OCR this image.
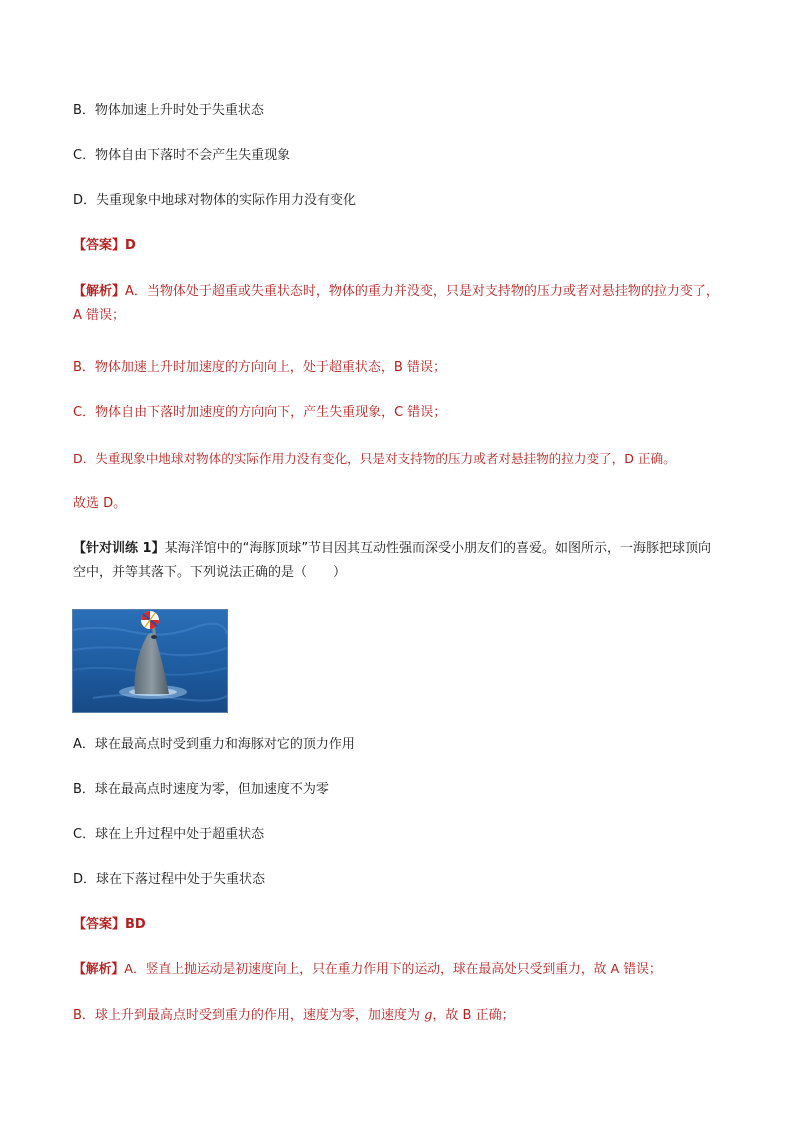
B．物体加速上升时处于失重状态
C．物体自由下落时不会产生失重现象
D．失重现象中地球对物体的实际作用力没有变化
【答案】D
【解析】A．当物体处于超重或失重状态时，物体的重力并没变，只是对支持物的压力或者对悬挂物的拉力变了，A 错误；
B．物体加速上升时加速度的方向向上，处于超重状态，B 错误；
C．物体自由下落时加速度的方向向下，产生失重现象，C 错误；
D．失重现象中地球对物体的实际作用力没有变化，只是对支持物的压力或者对悬挂物的拉力变了，D 正确。
故选 D。
【针对训练 1】某海洋馆中的“海豚顶球”节目因其互动性强而深受小朋友们的喜爱。如图所示，一海豚把球顶向空中，并等其落下。下列说法正确的是（　　）
A．球在最高点时受到重力和海豚对它的顶力作用
B．球在最高点时速度为零，但加速度不为零
C．球在上升过程中处于超重状态
D．球在下落过程中处于失重状态
【答案】BD
【解析】A．竖直上抛运动是初速度向上，只在重力作用下的运动，球在最高处只受到重力，故 A 错误；
B．球上升到最高点时受到重力的作用，速度为零，加速度为 g，故 B 正确；
